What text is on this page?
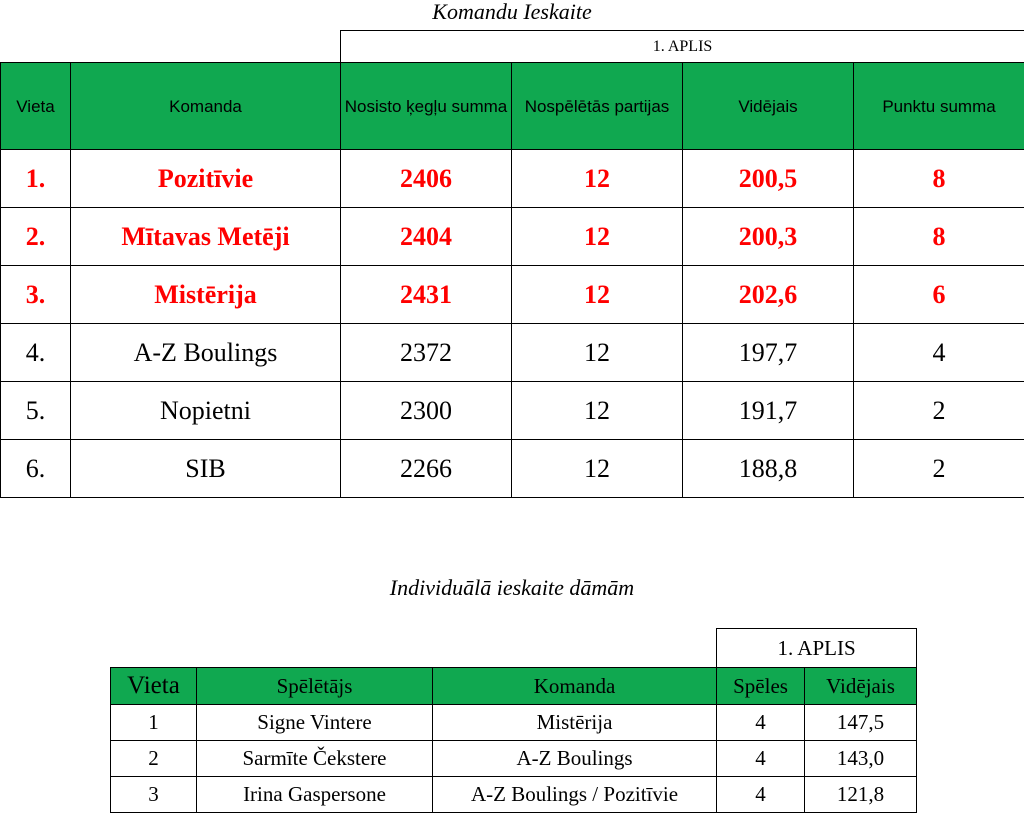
Komandu Ieskaite
		1. APLIS			
Vieta	Komanda	Nosisto ķegļu summa	Nospēlētās partijas	Vidējais	Punktu summa
1.	Pozitīvie	2406	12	200,5	8
2.	Mītavas Metēji	2404	12	200,3	8
3.	Mistērija	2431	12	202,6	6
4.	A-Z Boulings	2372	12	197,7	4
5.	Nopietni	2300	12	191,7	2
6.	SIB	2266	12	188,8	2
Individuālā ieskaite dāmām
			1. APLIS	
Vieta	Spēlētājs	Komanda	Spēles	Vidējais
1	Signe Vintere	Mistērija	4	147,5
2	Sarmīte Čekstere	A-Z Boulings	4	143,0
3	Irina Gaspersone	A-Z Boulings / Pozitīvie	4	121,8
